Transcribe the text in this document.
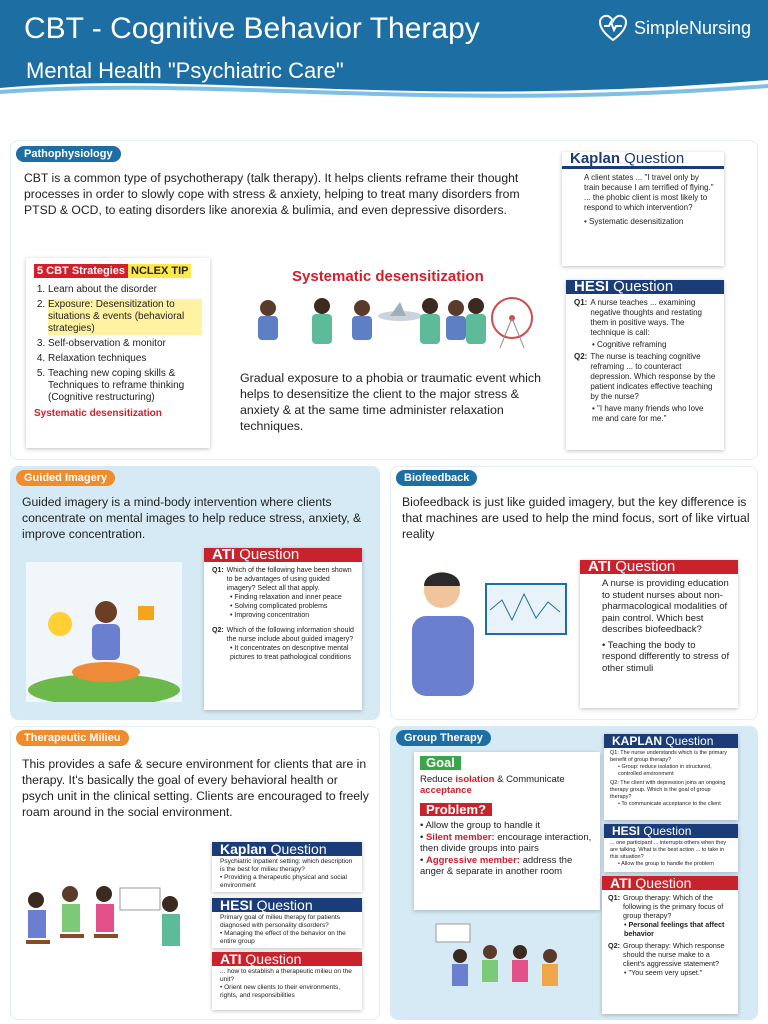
CBT - Cognitive Behavior Therapy
Mental Health "Psychiatric Care"
SimpleNursing
Pathophysiology
CBT is a common type of psychotherapy (talk therapy). It helps clients reframe their thought processes in order to slowly cope with stress & anxiety, helping to treat many disorders from PTSD & OCD, to eating disorders like anorexia & bulimia, and even depressive disorders.
5 CBT Strategies NCLEX TIP
1. Learn about the disorder
2. Exposure: Desensitization to situations & events (behavioral strategies)
3. Self-observation & monitor
4. Relaxation techniques
5. Teaching new coping skills & Techniques to reframe thinking (Cognitive restructuring)
Systematic desensitization
Systematic desensitization
Gradual exposure to a phobia or traumatic event which helps to desensitize the client to the major stress & anxiety & at the same time administer relaxation techniques.
Kaplan Question
A client states ... "I travel only by train because I am terrified of flying." ... the phobic client is most likely to respond to which intervention?
• Systematic desensitization
HESI Question
Q1: A nurse teaches ... examining negative thoughts and restating them in positive ways. The technique is call:
• Cognitive reframing
Q2: The nurse is teaching cognitive reframing ... to counteract depression. Which response by the patient indicates effective teaching by the nurse?
• "I have many friends who love me and care for me."
Guided Imagery
Guided imagery is a mind-body intervention where clients concentrate on mental images to help reduce stress, anxiety, & improve concentration.
ATI Question
Q1: Which of the following have been shown to be advantages of using guided imagery? Select all that apply.
• Finding relaxation and inner peace
• Solving complicated problems
• Improving concentration
Q2: Which of the following information should the nurse include about guided imagery?
• It concentrates on descriptive mental pictures to treat pathological conditions
Biofeedback
Biofeedback is just like guided imagery, but the key difference is that machines are used to help the mind focus, sort of like virtual reality
ATI Question
A nurse is providing education to student nurses about non-pharmacological modalities of pain control. Which best describes biofeedback?
• Teaching the body to respond differently to stress of other stimuli
Therapeutic Milieu
This provides a safe & secure environment for clients that are in therapy. It's basically the goal of every behavioral health or psych unit in the clinical setting. Clients are encouraged to freely roam around in the social environment.
Kaplan Question
Psychiatric inpatient setting: which description is the best for milieu therapy?
• Providing a therapeutic physical and social environment
HESI Question
Primary goal of milieu therapy for patients diagnosed with personality disorders?
• Managing the effect of the behavior on the entire group
ATI Question
... how to establish a therapeutic milieu on the unit?
• Orient new clients to their environments, rights, and responsibilities
Group Therapy
Goal
Reduce isolation & Communicate acceptance
Problem?
• Allow the group to handle it
• Silent member: encourage interaction, then divide groups into pairs
• Aggressive member: address the anger & separate in another room
KAPLAN Question
Q1: The nurse understands which is the primary benefit of group therapy?
• Group: reduce isolation in structured, controlled environment
Q2: The client with depression joins an ongoing therapy group. Which is the goal of group therapy?
• To communicate acceptance to the client
HESI Question
... one participant ... interrupts others when they are talking. What is the best action ... to take in this situation?
• Allow the group to handle the problem
ATI Question
Q1: Group therapy: Which of the following is the primary focus of group therapy?
• Personal feelings that affect behavior
Q2: Group therapy: Which response should the nurse make to a client's aggressive statement?
• "You seem very upset."
